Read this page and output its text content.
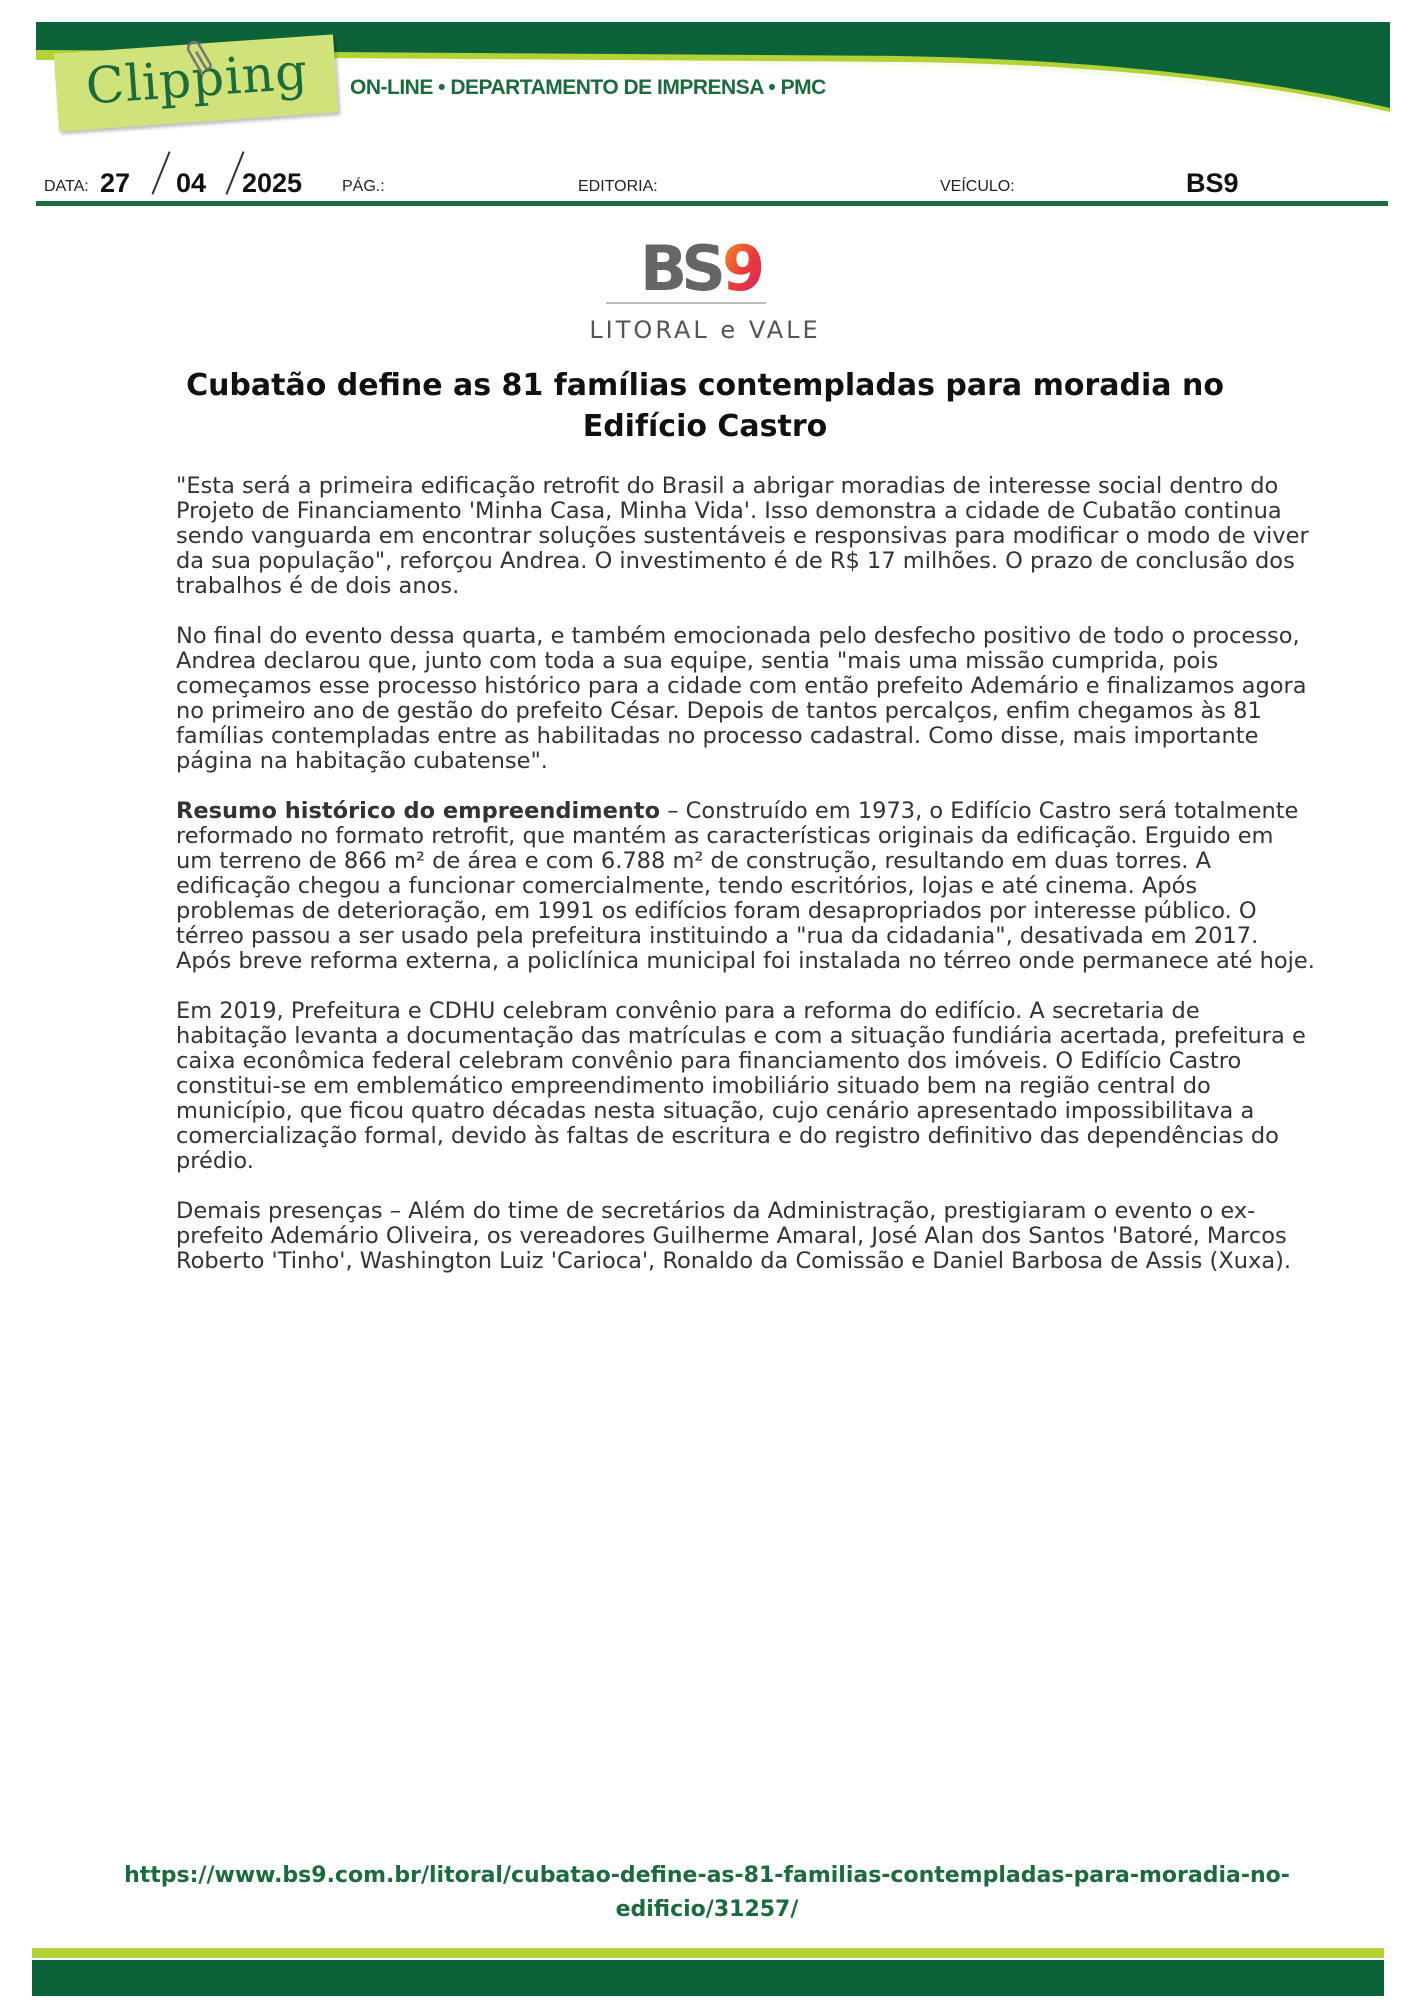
Clipping ON-LINE • DEPARTAMENTO DE IMPRENSA • PMC
DATA: 27 04 2025 PÁG.:	EDITORIA:	VEÍCULO:	BS9
BS 9
LITORAL e VALE
Cubatão define as 81 famílias contempladas para moradia no Edifício Castro

"Esta será a primeira edificação retrofit do Brasil a abrigar moradias de interesse social dentro do Projeto de Financiamento 'Minha Casa, Minha Vida'. Isso demonstra a cidade de Cubatão continua sendo vanguarda em encontrar soluções sustentáveis e responsivas para modificar o modo de viver da sua população", reforçou Andrea. O investimento é de R$ 17 milhões. O prazo de conclusão dos trabalhos é de dois anos.

No final do evento dessa quarta, e também emocionada pelo desfecho positivo de todo o processo, Andrea declarou que, junto com toda a sua equipe, sentia "mais uma missão cumprida, pois começamos esse processo histórico para a cidade com então prefeito Ademário e finalizamos agora no primeiro ano de gestão do prefeito César. Depois de tantos percalços, enfim chegamos às 81 famílias contempladas entre as habilitadas no processo cadastral. Como disse, mais importante página na habitação cubatense".

Resumo histórico do empreendimento – Construído em 1973, o Edifício Castro será totalmente reformado no formato retrofit, que mantém as características originais da edificação. Erguido em um terreno de 866 m² de área e com 6.788 m² de construção, resultando em duas torres. A edificação chegou a funcionar comercialmente, tendo escritórios, lojas e até cinema. Após problemas de deterioração, em 1991 os edifícios foram desapropriados por interesse público. O térreo passou a ser usado pela prefeitura instituindo a "rua da cidadania", desativada em 2017. Após breve reforma externa, a policlínica municipal foi instalada no térreo onde permanece até hoje.

Em 2019, Prefeitura e CDHU celebram convênio para a reforma do edifício. A secretaria de habitação levanta a documentação das matrículas e com a situação fundiária acertada, prefeitura e caixa econômica federal celebram convênio para financiamento dos imóveis. O Edifício Castro constitui-se em emblemático empreendimento imobiliário situado bem na região central do município, que ficou quatro décadas nesta situação, cujo cenário apresentado impossibilitava a comercialização formal, devido às faltas de escritura e do registro definitivo das dependências do prédio.

Demais presenças – Além do time de secretários da Administração, prestigiaram o evento o ex-prefeito Ademário Oliveira, os vereadores Guilherme Amaral, José Alan dos Santos 'Batoré, Marcos Roberto 'Tinho', Washington Luiz 'Carioca', Ronaldo da Comissão e Daniel Barbosa de Assis (Xuxa).

https://www.bs9.com.br/litoral/cubatao-define-as-81-familias-contempladas-para-moradia-no-edificio/31257/
